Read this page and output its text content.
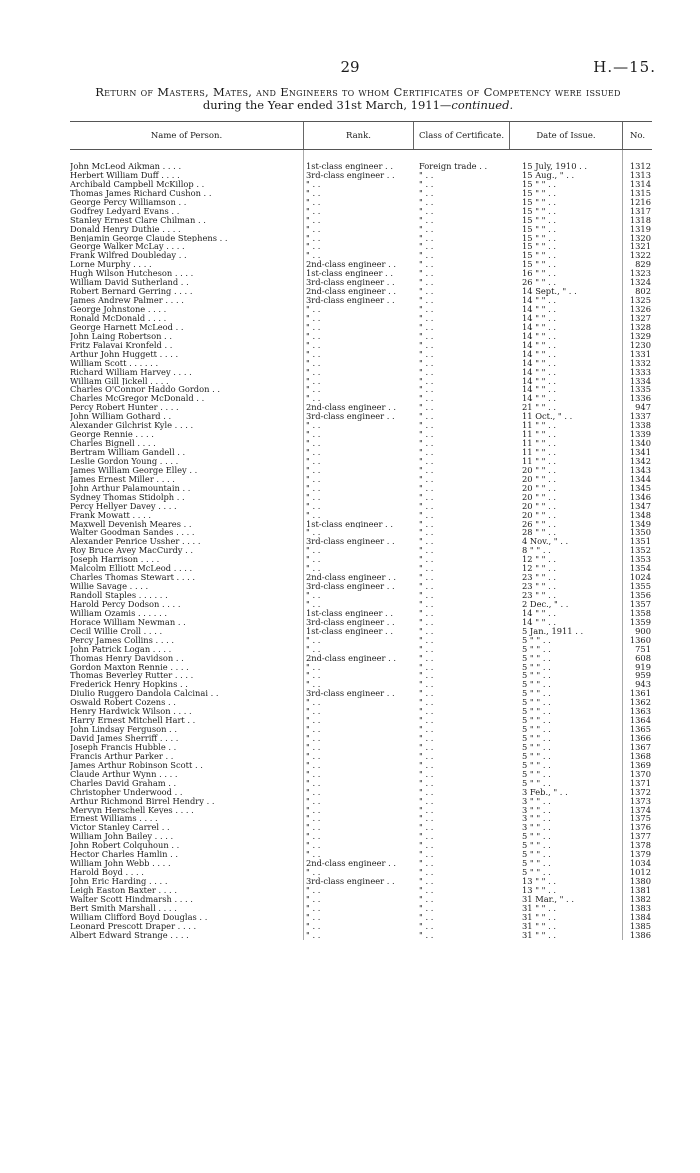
29	H.—15.
Return of Masters, Mates, and Engineers to whom Certificates of Competency were issued
during the Year ended 31st March, 1911—continued.
Name of Person.	Rank.	Class of Certificate.	Date of Issue.	No.
John McLeod Aikman . . . .	1st-class engineer . .	Foreign trade . .	15 July, 1910 . .	1312
Herbert William Duff . . . .	3rd-class engineer . .	" . .	15 Aug., " . .	1313
Archibald Campbell McKillop . .	" . .	" . .	15 " " . .	1314
Thomas James Richard Cushon . .	" . .	" . .	15 " " . .	1315
George Percy Williamson . .	" . .	" . .	15 " " . .	1216
Godfrey Ledyard Evans . .	" . .	" . .	15 " " . .	1317
Stanley Ernest Clare Chilman . .	" . .	" . .	15 " " . .	1318
Donald Henry Duthie . . . .	" . .	" . .	15 " " . .	1319
Benjamin George Claude Stephens . .	" . .	" . .	15 " " . .	1320
George Walker McLay . . . .	" . .	" . .	15 " " . .	1321
Frank Wilfred Doubleday . .	" . .	" . .	15 " " . .	1322
Lorne Murphy . . . .	2nd-class engineer . .	" . .	15 " " . .	829
Hugh Wilson Hutcheson . . . .	1st-class engineer . .	" . .	16 " " . .	1323
William David Sutherland . .	3rd-class engineer . .	" . .	26 " " . .	1324
Robert Bernard Gerring . . . .	2nd-class engineer . .	" . .	14 Sept., " . .	802
James Andrew Palmer . . . .	3rd-class engineer . .	" . .	14 " " . .	1325
George Johnstone . . . .	" . .	" . .	14 " " . .	1326
Ronald McDonald . . . .	" . .	" . .	14 " " . .	1327
George Harnett McLeod . .	" . .	" . .	14 " " . .	1328
John Laing Robertson . .	" . .	" . .	14 " " . .	1329
Fritz Falavai Kronfeld . .	" . .	" . .	14 " " . .	1230
Arthur John Huggett . . . .	" . .	" . .	14 " " . .	1331
William Scott . . . . . .	" . .	" . .	14 " " . .	1332
Richard William Harvey . . . .	" . .	" . .	14 " " . .	1333
William Gill Jickell . . . .	" . .	" . .	14 " " . .	1334
Charles O'Connor Haddo Gordon . .	" . .	" . .	14 " " . .	1335
Charles McGregor McDonald . .	" . .	" . .	14 " " . .	1336
Percy Robert Hunter . . . .	2nd-class engineer . .	" . .	21 " " . .	947
John William Gothard . .	3rd-class engineer . .	" . .	11 Oct., " . .	1337
Alexander Gilchrist Kyle . . . .	" . .	" . .	11 " " . .	1338
George Rennie . . . .	" . .	" . .	11 " " . .	1339
Charles Bignell . . . .	" . .	" . .	11 " " . .	1340
Bertram William Gandell . .	" . .	" . .	11 " " . .	1341
Leslie Gordon Young . . . .	" . .	" . .	11 " " . .	1342
James William George Elley . .	" . .	" . .	20 " " . .	1343
James Ernest Miller . . . .	" . .	" . .	20 " " . .	1344
John Arthur Palamountain . .	" . .	" . .	20 " " . .	1345
Sydney Thomas Stidolph . .	" . .	" . .	20 " " . .	1346
Percy Hellyer Davey . . . .	" . .	" . .	20 " " . .	1347
Frank Mowatt . . . .	" . .	" . .	20 " " . .	1348
Maxwell Devenish Meares . .	1st-class engineer . .	" . .	26 " " . .	1349
Walter Goodman Sandes . . . .	" . .	" . .	28 " " . .	1350
Alexander Penrice Ussher . . . .	3rd-class engineer . .	" . .	4 Nov., " . .	1351
Roy Bruce Avey MacCurdy . .	" . .	" . .	8 " " . .	1352
Joseph Harrison . . . .	" . .	" . .	12 " " . .	1353
Malcolm Elliott McLeod . . . .	" . .	" . .	12 " " . .	1354
Charles Thomas Stewart . . . .	2nd-class engineer . .	" . .	23 " " . .	1024
Willie Savage . . . .	3rd-class engineer . .	" . .	23 " " . .	1355
Randoll Staples . . . . . .	" . .	" . .	23 " " . .	1356
Harold Percy Dodson . . . .	" . .	" . .	2 Dec., " . .	1357
William Ozamis . . . . . .	1st-class engineer . .	" . .	14 " " . .	1358
Horace William Newman . .	3rd-class engineer . .	" . .	14 " " . .	1359
Cecil Willie Croll . . . .	1st-class engineer . .	" . .	5 Jan., 1911 . .	900
Percy James Collins . . . .	" . .	" . .	5 " " . .	1360
John Patrick Logan . . . .	" . .	" . .	5 " " . .	751
Thomas Henry Davidson . .	2nd-class engineer . .	" . .	5 " " . .	608
Gordon Maxton Rennie . . . .	" . .	" . .	5 " " . .	919
Thomas Beverley Rutter . . . .	" . .	" . .	5 " " . .	959
Frederick Henry Hopkins . .	" . .	" . .	5 " " . .	943
Diulio Ruggero Dandola Calcinai . .	3rd-class engineer . .	" . .	5 " " . .	1361
Oswald Robert Cozens . .	" . .	" . .	5 " " . .	1362
Henry Hardwick Wilson . . . .	" . .	" . .	5 " " . .	1363
Harry Ernest Mitchell Hart . .	" . .	" . .	5 " " . .	1364
John Lindsay Ferguson . .	" . .	" . .	5 " " . .	1365
David James Sherriff . . . .	" . .	" . .	5 " " . .	1366
Joseph Francis Hubble . .	" . .	" . .	5 " " . .	1367
Francis Arthur Parker . .	" . .	" . .	5 " " . .	1368
James Arthur Robinson Scott . .	" . .	" . .	5 " " . .	1369
Claude Arthur Wynn . . . .	" . .	" . .	5 " " . .	1370
Charles David Graham . .	" . .	" . .	5 " " . .	1371
Christopher Underwood . .	" . .	" . .	3 Feb., " . .	1372
Arthur Richmond Birrel Hendry . .	" . .	" . .	3 " " . .	1373
Mervyn Herschell Keyes . . . .	" . .	" . .	3 " " . .	1374
Ernest Williams . . . .	" . .	" . .	3 " " . .	1375
Victor Stanley Carrel . .	" . .	" . .	3 " " . .	1376
William John Bailey . . . .	" . .	" . .	5 " " . .	1377
John Robert Colquhoun . .	" . .	" . .	5 " " . .	1378
Hector Charles Hamlin . .	" . .	" . .	5 " " . .	1379
William John Webb . . . .	2nd-class engineer . .	" . .	5 " " . .	1034
Harold Boyd . . . .	" . .	" . .	5 " " . .	1012
John Eric Harding . . . .	3rd-class engineer . .	" . .	13 " " . .	1380
Leigh Easton Baxter . . . .	" . .	" . .	13 " " . .	1381
Walter Scott Hindmarsh . . . .	" . .	" . .	31 Mar., " . .	1382
Bert Smith Marshall . . . .	" . .	" . .	31 " " . .	1383
William Clifford Boyd Douglas . .	" . .	" . .	31 " " . .	1384
Leonard Prescott Draper . . . .	" . .	" . .	31 " " . .	1385
Albert Edward Strange . . . .	" . .	" . .	31 " " . .	1386
